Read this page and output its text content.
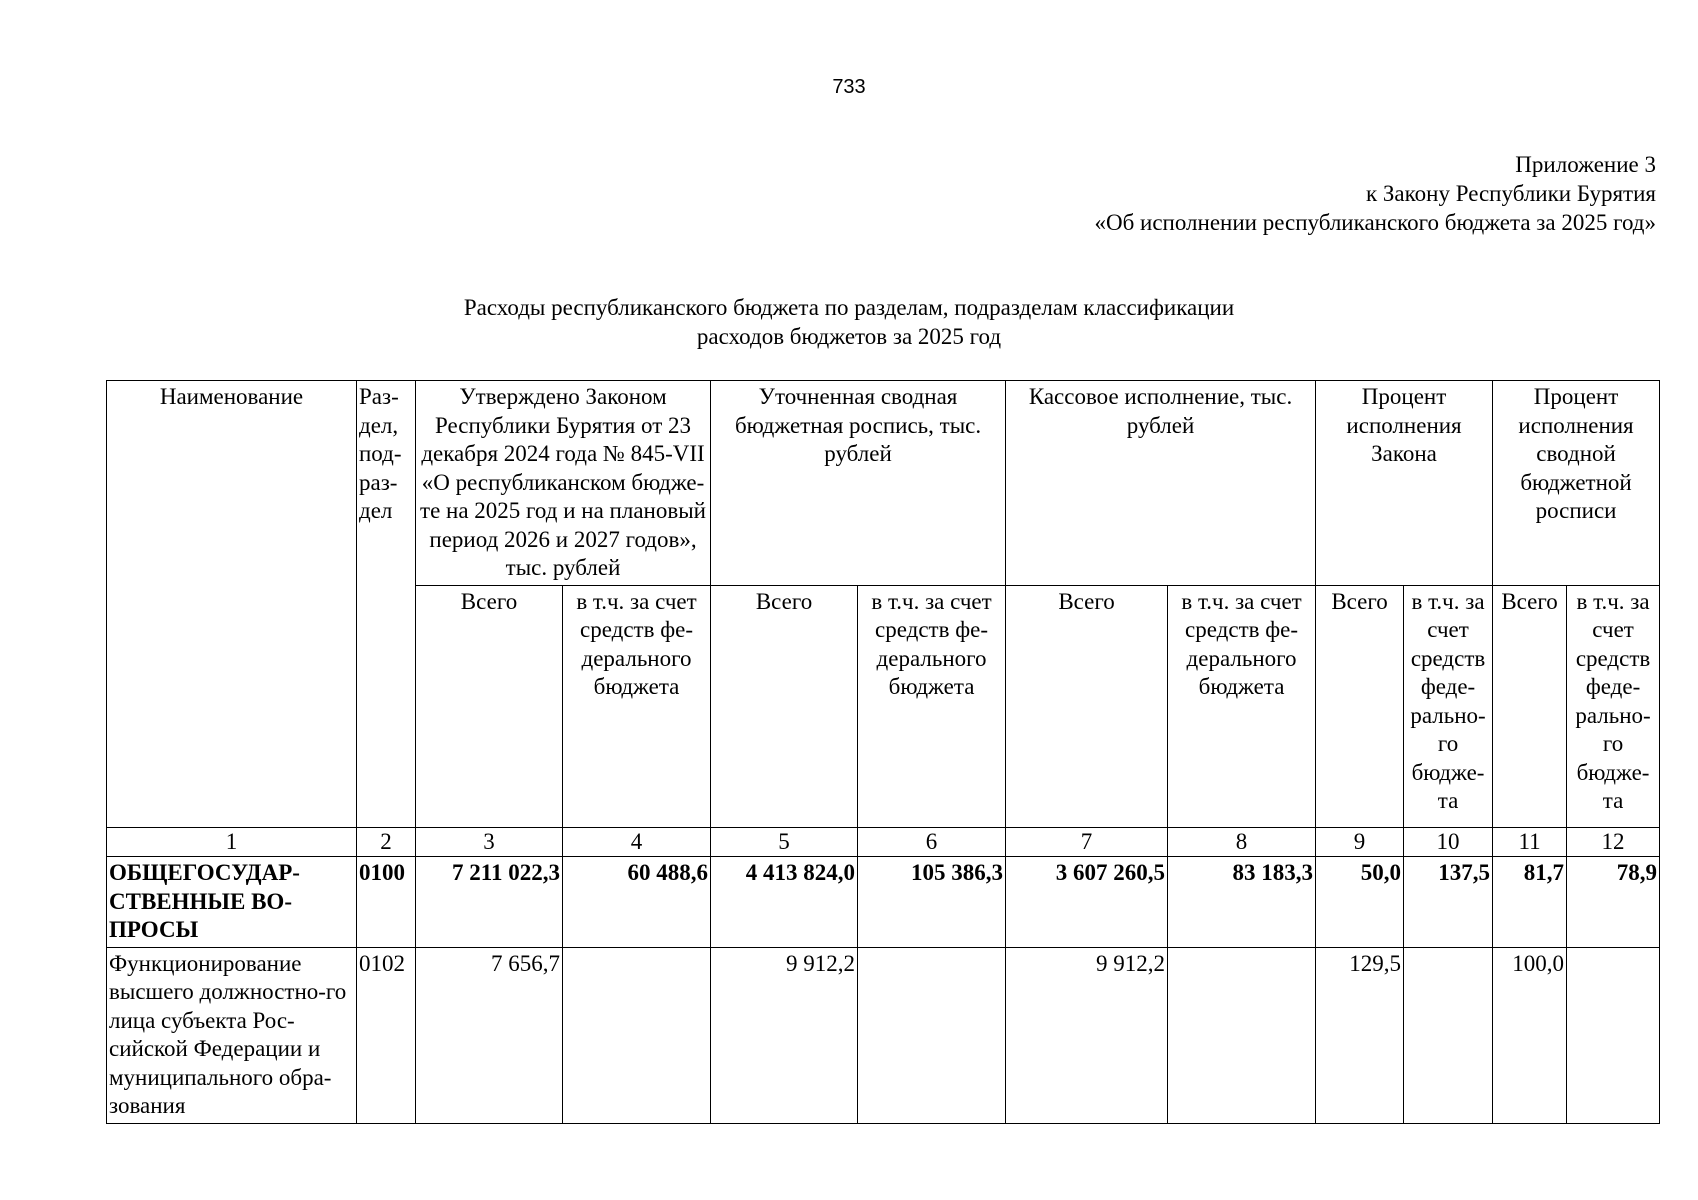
733
Приложение 3
к Закону Республики Бурятия
«Об исполнении республиканского бюджета за 2025 год»
Расходы республиканского бюджета по разделам, подразделам классификации
расходов бюджетов за 2025 год
Наименование	Раз-дел, под-раз-дел	Утверждено Законом Республики Бурятия от 23 декабря 2024 года № 845-VII «О республиканском бюдже-те на 2025 год и на плановый период 2026 и 2027 годов», тыс. рублей		Уточненная сводная бюджетная роспись, тыс. рублей		Кассовое исполнение, тыс. рублей		Процент исполнения Закона		Процент исполнения сводной бюджетной росписи	
		Всего	в т.ч. за счет средств фе-дерального бюджета	Всего	в т.ч. за счет средств фе-дерального бюджета	Всего	в т.ч. за счет средств фе-дерального бюджета	Всего	в т.ч. за счет средств феде-рально-го бюдже-та	Всего	в т.ч. за счет средств феде-рально-го бюдже-та
1	2	3	4	5	6	7	8	9	10	11	12
ОБЩЕГОСУДАР-СТВЕННЫЕ ВО-ПРОСЫ	0100	7 211 022,3	60 488,6	4 413 824,0	105 386,3	3 607 260,5	83 183,3	50,0	137,5	81,7	78,9
Функционирование высшего должностно-го лица субъекта Рос-сийской Федерации и муниципального обра-зования	0102	7 656,7		9 912,2		9 912,2		129,5		100,0	
